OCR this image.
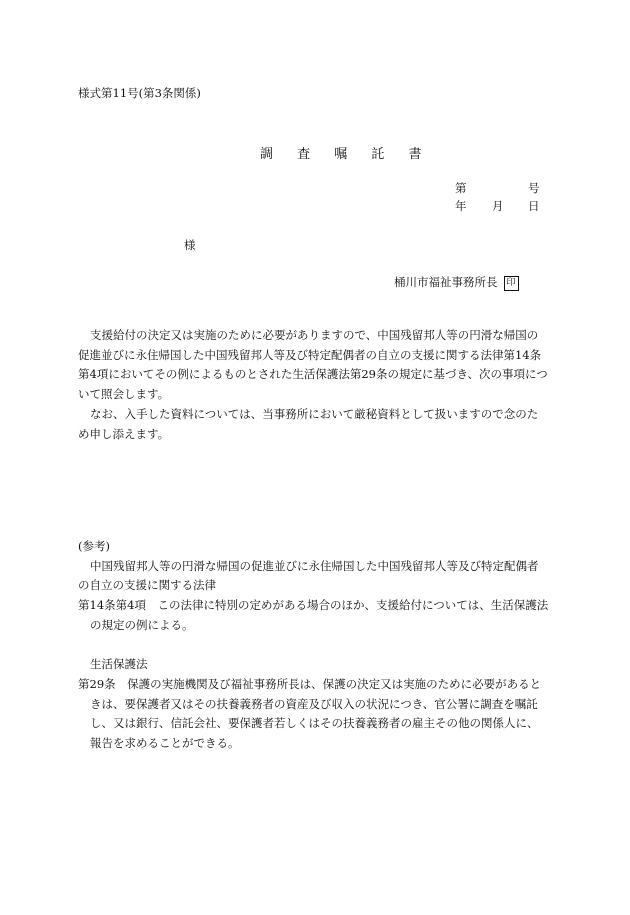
様式第11号(第3条関係)
調 査 嘱 託 書
第	号
年 月 日
様
桶川市福祉事務所長 印
支援給付の決定又は実施のために必要がありますので、中国残留邦人等の円滑な帰国の
促進並びに永住帰国した中国残留邦人等及び特定配偶者の自立の支援に関する法律第14条
第4項においてその例によるものとされた生活保護法第29条の規定に基づき、次の事項につ
いて照会します。
なお、入手した資料については、当事務所において厳秘資料として扱いますので念のた
め申し添えます。
(参考)
中国残留邦人等の円滑な帰国の促進並びに永住帰国した中国残留邦人等及び特定配偶者
の自立の支援に関する法律
第14条第4項　この法律に特別の定めがある場合のほか、支援給付については、生活保護法
の規定の例による。
生活保護法
第29条　保護の実施機関及び福祉事務所長は、保護の決定又は実施のために必要があると
きは、要保護者又はその扶養義務者の資産及び収入の状況につき、官公署に調査を嘱託
し、又は銀行、信託会社、要保護者若しくはその扶養義務者の雇主その他の関係人に、
報告を求めることができる。
